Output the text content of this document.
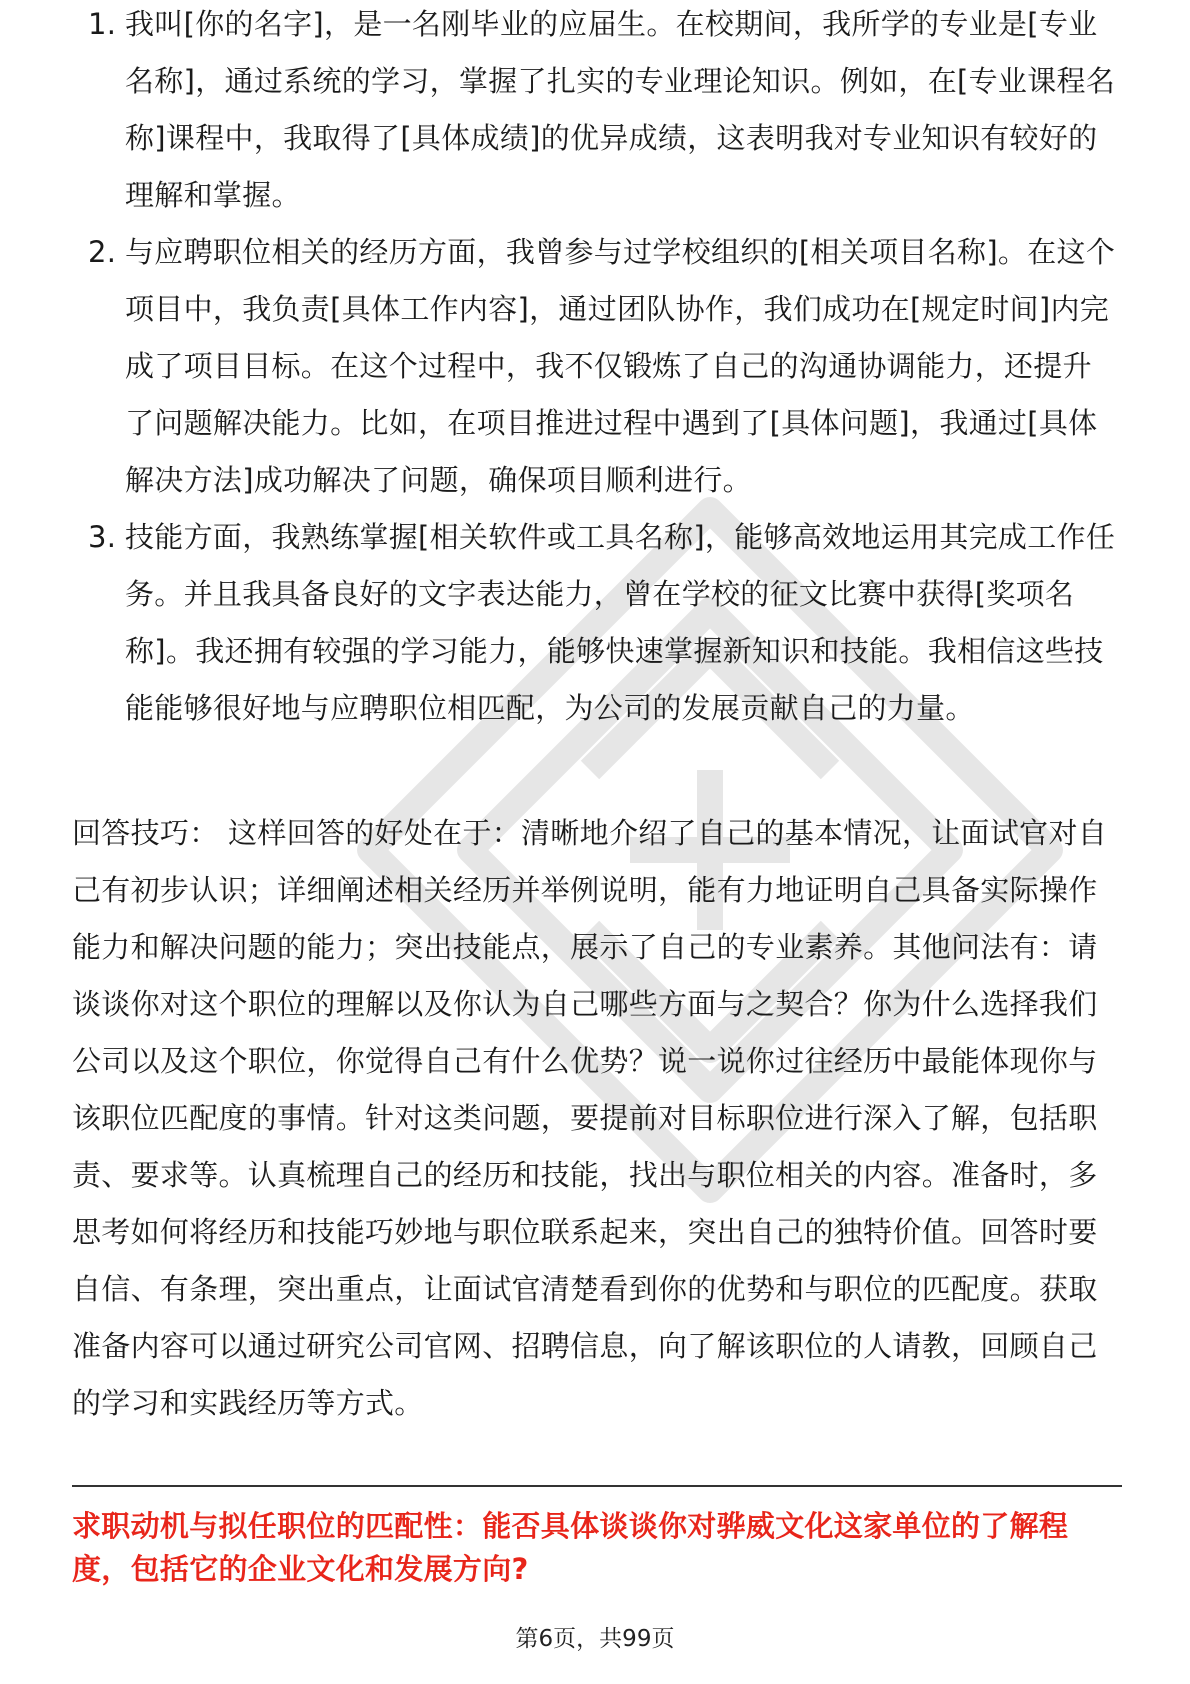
1. 我叫[你的名字]，是一名刚毕业的应届生。在校期间，我所学的专业是[专业名称]，通过系统的学习，掌握了扎实的专业理论知识。例如，在[专业课程名称]课程中，我取得了[具体成绩]的优异成绩，这表明我对专业知识有较好的理解和掌握。
2. 与应聘职位相关的经历方面，我曾参与过学校组织的[相关项目名称]。在这个项目中，我负责[具体工作内容]，通过团队协作，我们成功在[规定时间]内完成了项目目标。在这个过程中，我不仅锻炼了自己的沟通协调能力，还提升了问题解决能力。比如，在项目推进过程中遇到了[具体问题]，我通过[具体解决方法]成功解决了问题，确保项目顺利进行。
3. 技能方面，我熟练掌握[相关软件或工具名称]，能够高效地运用其完成工作任务。并且我具备良好的文字表达能力，曾在学校的征文比赛中获得[奖项名称]。我还拥有较强的学习能力，能够快速掌握新知识和技能。我相信这些技能能够很好地与应聘职位相匹配，为公司的发展贡献自己的力量。

回答技巧： 这样回答的好处在于：清晰地介绍了自己的基本情况，让面试官对自己有初步认识；详细阐述相关经历并举例说明，能有力地证明自己具备实际操作能力和解决问题的能力；突出技能点，展示了自己的专业素养。其他问法有：请谈谈你对这个职位的理解以及你认为自己哪些方面与之契合？你为什么选择我们公司以及这个职位，你觉得自己有什么优势？说一说你过往经历中最能体现你与该职位匹配度的事情。针对这类问题，要提前对目标职位进行深入了解，包括职责、要求等。认真梳理自己的经历和技能，找出与职位相关的内容。准备时，多思考如何将经历和技能巧妙地与职位联系起来，突出自己的独特价值。回答时要自信、有条理，突出重点，让面试官清楚看到你的优势和与职位的匹配度。获取准备内容可以通过研究公司官网、招聘信息，向了解该职位的人请教，回顾自己的学习和实践经历等方式。

求职动机与拟任职位的匹配性：能否具体谈谈你对骅威文化这家单位的了解程度，包括它的企业文化和发展方向?

第6页，共99页
